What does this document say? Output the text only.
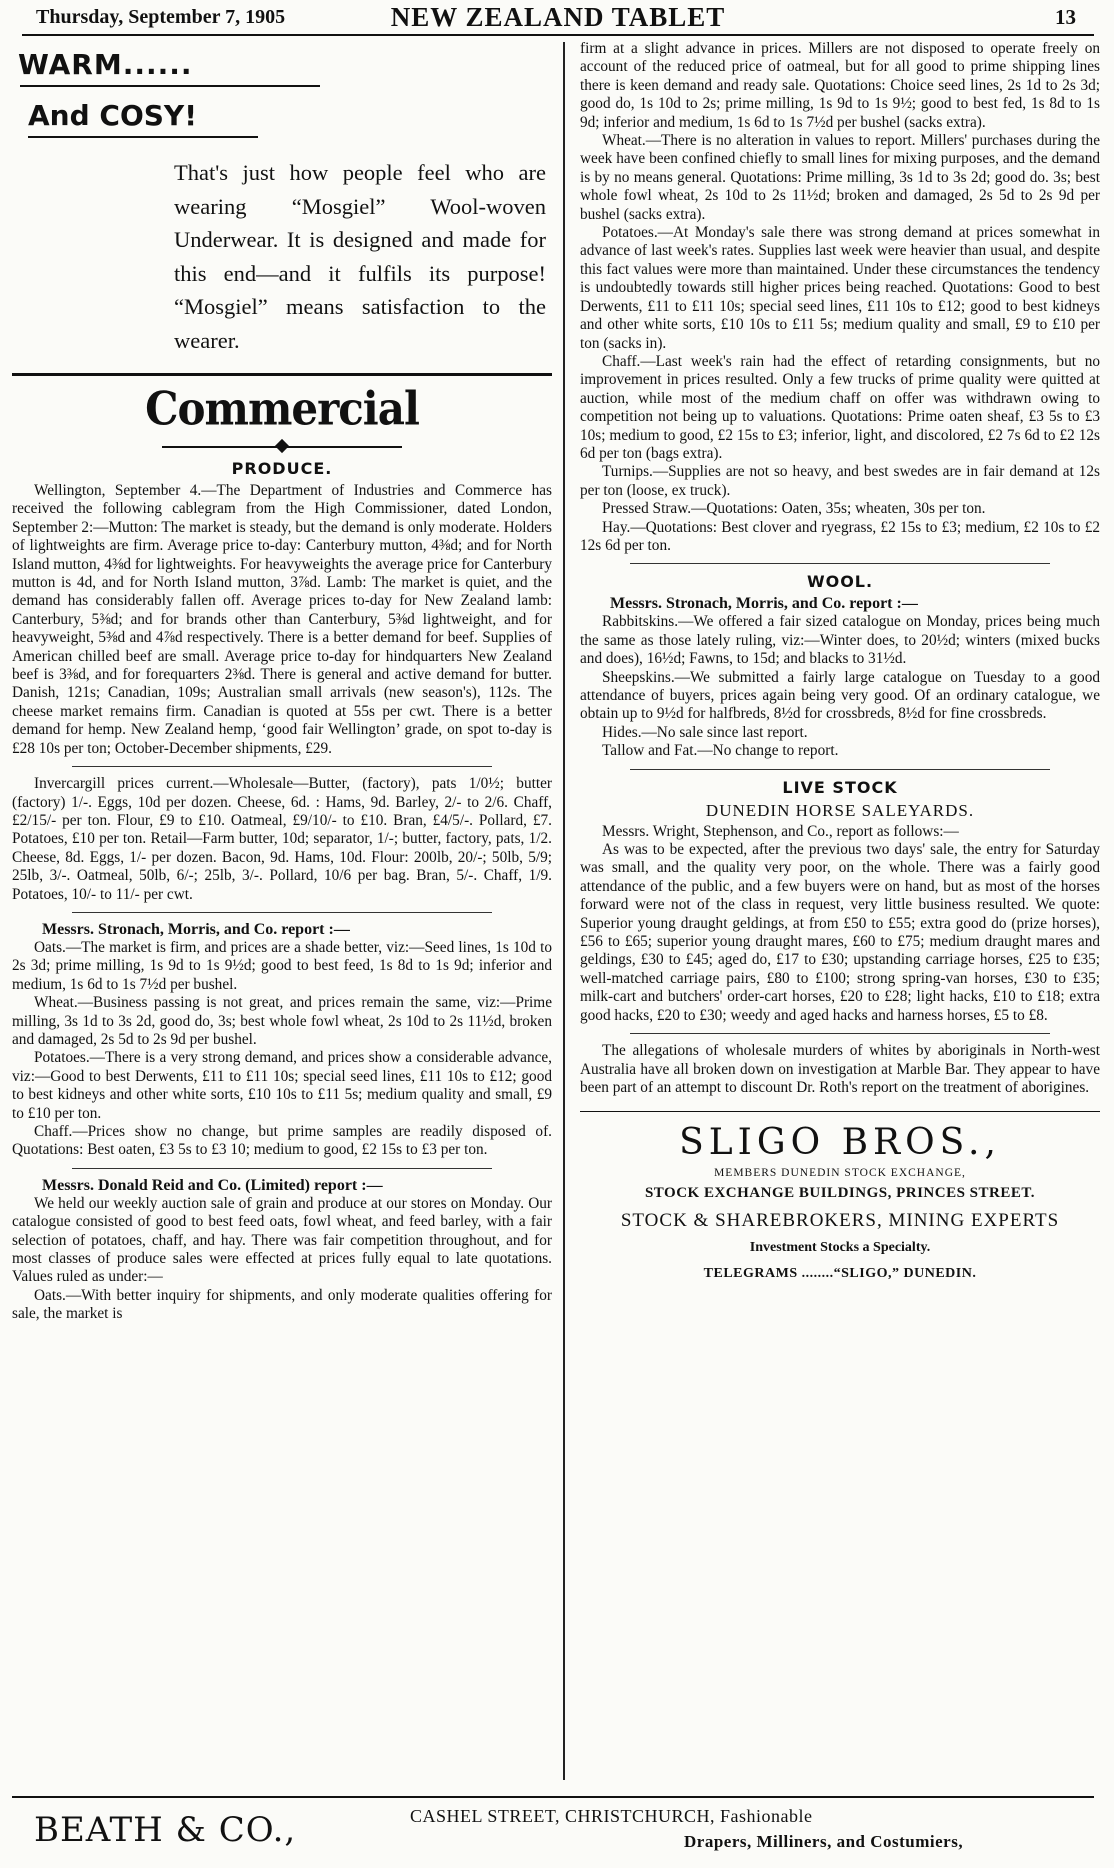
Thursday, September 7, 1905	NEW ZEALAND TABLET	13
WARM......
And COSY!

That's just how people feel who are wearing “Mosgiel” Wool-woven Underwear. It is designed and made for this end—and it fulfils its purpose! “Mosgiel” means satisfaction to the wearer.

Commercial
PRODUCE.

Wellington, September 4.—The Department of Industries and Commerce has received the following cablegram from the High Commissioner, dated London, September 2:—Mutton: The market is steady, but the demand is only moderate. Holders of lightweights are firm. Average price to-day: Canterbury mutton, 4⅜d; and for North Island mutton, 4⅜d for lightweights. For heavyweights the average price for Canterbury mutton is 4d, and for North Island mutton, 3⅞d. Lamb: The market is quiet, and the demand has considerably fallen off. Average prices to-day for New Zealand lamb: Canterbury, 5⅜d; and for brands other than Canterbury, 5⅜d lightweight, and for heavyweight, 5⅜d and 4⅞d respectively. There is a better demand for beef. Supplies of American chilled beef are small. Average price to-day for hindquarters New Zealand beef is 3⅜d, and for forequarters 2⅜d. There is general and active demand for butter. Danish, 121s; Canadian, 109s; Australian small arrivals (new season's), 112s. The cheese market remains firm. Canadian is quoted at 55s per cwt. There is a better demand for hemp. New Zealand hemp, ‘good fair Wellington’ grade, on spot to-day is £28 10s per ton; October-December shipments, £29.

Invercargill prices current.—Wholesale—Butter, (factory), pats 1/0½; butter (factory) 1/-. Eggs, 10d per dozen. Cheese, 6d. : Hams, 9d. Barley, 2/- to 2/6. Chaff, £2/15/- per ton. Flour, £9 to £10. Oatmeal, £9/10/- to £10. Bran, £4/5/-. Pollard, £7. Potatoes, £10 per ton. Retail—Farm butter, 10d; separator, 1/-; butter, factory, pats, 1/2. Cheese, 8d. Eggs, 1/- per dozen. Bacon, 9d. Hams, 10d. Flour: 200lb, 20/-; 50lb, 5/9; 25lb, 3/-. Oatmeal, 50lb, 6/-; 25lb, 3/-. Pollard, 10/6 per bag. Bran, 5/-. Chaff, 1/9. Potatoes, 10/- to 11/- per cwt.

Messrs. Stronach, Morris, and Co. report :—

Oats.—The market is firm, and prices are a shade better, viz:—Seed lines, 1s 10d to 2s 3d; prime milling, 1s 9d to 1s 9½d; good to best feed, 1s 8d to 1s 9d; inferior and medium, 1s 6d to 1s 7½d per bushel.

Wheat.—Business passing is not great, and prices remain the same, viz:—Prime milling, 3s 1d to 3s 2d, good do, 3s; best whole fowl wheat, 2s 10d to 2s 11½d, broken and damaged, 2s 5d to 2s 9d per bushel.

Potatoes.—There is a very strong demand, and prices show a considerable advance, viz:—Good to best Derwents, £11 to £11 10s; special seed lines, £11 10s to £12; good to best kidneys and other white sorts, £10 10s to £11 5s; medium quality and small, £9 to £10 per ton.

Chaff.—Prices show no change, but prime samples are readily disposed of. Quotations: Best oaten, £3 5s to £3 10; medium to good, £2 15s to £3 per ton.

Messrs. Donald Reid and Co. (Limited) report :—

We held our weekly auction sale of grain and produce at our stores on Monday. Our catalogue consisted of good to best feed oats, fowl wheat, and feed barley, with a fair selection of potatoes, chaff, and hay. There was fair competition throughout, and for most classes of produce sales were effected at prices fully equal to late quotations. Values ruled as under:—

Oats.—With better inquiry for shipments, and only moderate qualities offering for sale, the market is

firm at a slight advance in prices. Millers are not disposed to operate freely on account of the reduced price of oatmeal, but for all good to prime shipping lines there is keen demand and ready sale. Quotations: Choice seed lines, 2s 1d to 2s 3d; good do, 1s 10d to 2s; prime milling, 1s 9d to 1s 9½; good to best fed, 1s 8d to 1s 9d; inferior and medium, 1s 6d to 1s 7½d per bushel (sacks extra).

Wheat.—There is no alteration in values to report. Millers' purchases during the week have been confined chiefly to small lines for mixing purposes, and the demand is by no means general. Quotations: Prime milling, 3s 1d to 3s 2d; good do. 3s; best whole fowl wheat, 2s 10d to 2s 11½d; broken and damaged, 2s 5d to 2s 9d per bushel (sacks extra).

Potatoes.—At Monday's sale there was strong demand at prices somewhat in advance of last week's rates. Supplies last week were heavier than usual, and despite this fact values were more than maintained. Under these circumstances the tendency is undoubtedly towards still higher prices being reached. Quotations: Good to best Derwents, £11 to £11 10s; special seed lines, £11 10s to £12; good to best kidneys and other white sorts, £10 10s to £11 5s; medium quality and small, £9 to £10 per ton (sacks in).

Chaff.—Last week's rain had the effect of retarding consignments, but no improvement in prices resulted. Only a few trucks of prime quality were quitted at auction, while most of the medium chaff on offer was withdrawn owing to competition not being up to valuations. Quotations: Prime oaten sheaf, £3 5s to £3 10s; medium to good, £2 15s to £3; inferior, light, and discolored, £2 7s 6d to £2 12s 6d per ton (bags extra).

Turnips.—Supplies are not so heavy, and best swedes are in fair demand at 12s per ton (loose, ex truck).

Pressed Straw.—Quotations: Oaten, 35s; wheaten, 30s per ton.

Hay.—Quotations: Best clover and ryegrass, £2 15s to £3; medium, £2 10s to £2 12s 6d per ton.

WOOL.
Messrs. Stronach, Morris, and Co. report :—

Rabbitskins.—We offered a fair sized catalogue on Monday, prices being much the same as those lately ruling, viz:—Winter does, to 20½d; winters (mixed bucks and does), 16½d; Fawns, to 15d; and blacks to 31½d.

Sheepskins.—We submitted a fairly large catalogue on Tuesday to a good attendance of buyers, prices again being very good. Of an ordinary catalogue, we obtain up to 9½d for halfbreds, 8½d for crossbreds, 8½d for fine crossbreds.

Hides.—No sale since last report.

Tallow and Fat.—No change to report.

LIVE STOCK
DUNEDIN HORSE SALEYARDS.

Messrs. Wright, Stephenson, and Co., report as follows:—

As was to be expected, after the previous two days' sale, the entry for Saturday was small, and the quality very poor, on the whole. There was a fairly good attendance of the public, and a few buyers were on hand, but as most of the horses forward were not of the class in request, very little business resulted. We quote: Superior young draught geldings, at from £50 to £55; extra good do (prize horses), £56 to £65; superior young draught mares, £60 to £75; medium draught mares and geldings, £30 to £45; aged do, £17 to £30; upstanding carriage horses, £25 to £35; well-matched carriage pairs, £80 to £100; strong spring-van horses, £30 to £35; milk-cart and butchers' order-cart horses, £20 to £28; light hacks, £10 to £18; extra good hacks, £20 to £30; weedy and aged hacks and harness horses, £5 to £8.

The allegations of wholesale murders of whites by aboriginals in North-west Australia have all broken down on investigation at Marble Bar. They appear to have been part of an attempt to discount Dr. Roth's report on the treatment of aborigines.

SLIGO BROS.,
MEMBERS DUNEDIN STOCK EXCHANGE,
STOCK EXCHANGE BUILDINGS, PRINCES STREET.
STOCK & SHAREBROKERS, MINING EXPERTS
Investment Stocks a Specialty.
TELEGRAMS ........“SLIGO,” DUNEDIN.
BEATH & CO.,	CASHEL STREET, CHRISTCHURCH, Fashionable
Drapers, Milliners, and Costumiers,
